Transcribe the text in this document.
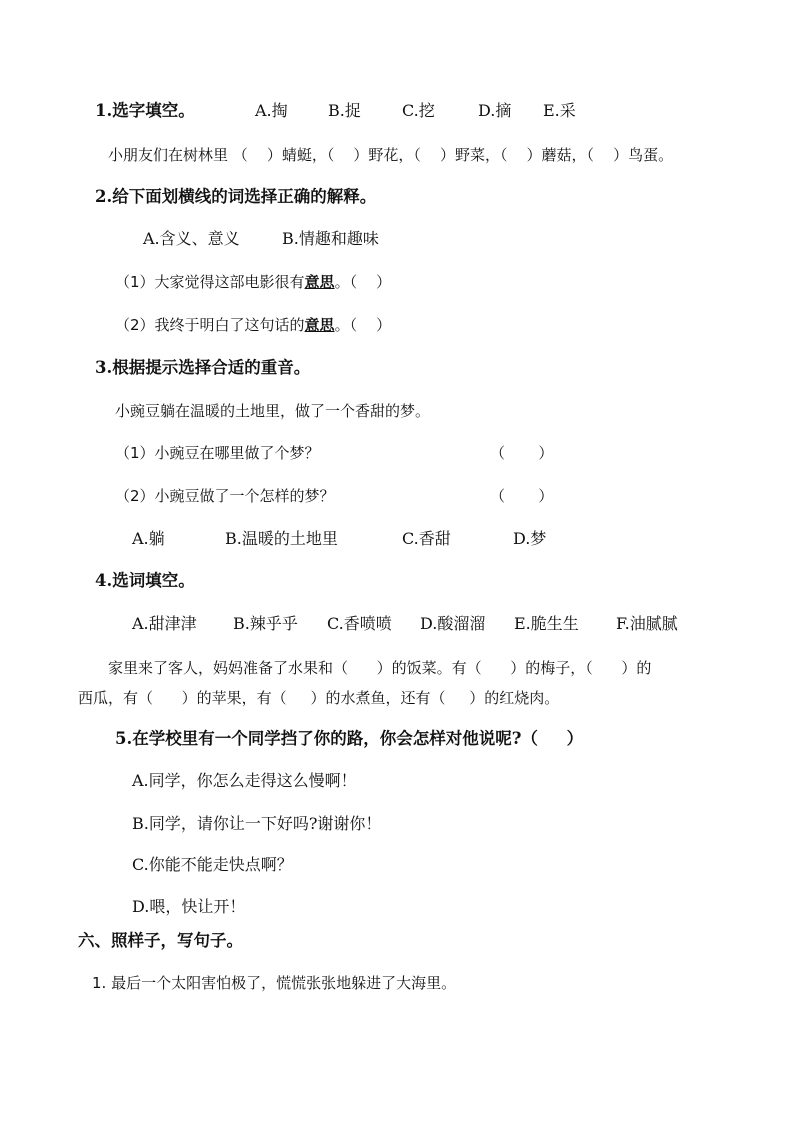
1.选字填空。	A.掏	B.捉	C.挖	D.摘 E.采
小朋友们在树林里 （    ）蜻蜓，（    ）野花，（    ）野菜，（    ）蘑菇，（    ）鸟蛋。
2.给下面划横线的词选择正确的解释。
A.含义、意义	B.情趣和趣味
（1）大家觉得这部电影很有意思。（    ）
（2）我终于明白了这句话的意思。（    ）
3.根据提示选择合适的重音。
小豌豆躺在温暖的土地里，做了一个香甜的梦。
（1）小豌豆在哪里做了个梦？	（       ）
（2）小豌豆做了一个怎样的梦？	（       ）
A.躺	B.温暖的土地里	C.香甜	D.梦
4.选词填空。
A.甜津津 B.辣乎乎 C.香喷喷 D.酸溜溜 E.脆生生 F.油腻腻
家里来了客人，妈妈准备了水果和（      ）的饭菜。有（      ）的梅子，（      ）的
西瓜，有（      ）的苹果，有（     ）的水煮鱼，还有（     ）的红烧肉。
5.在学校里有一个同学挡了你的路，你会怎样对他说呢?（     ）
A.同学，你怎么走得这么慢啊！
B.同学，请你让一下好吗?谢谢你！
C.你能不能走快点啊？
D.喂，快让开！
六、照样子，写句子。
1. 最后一个太阳害怕极了，慌慌张张地躲进了大海里。
